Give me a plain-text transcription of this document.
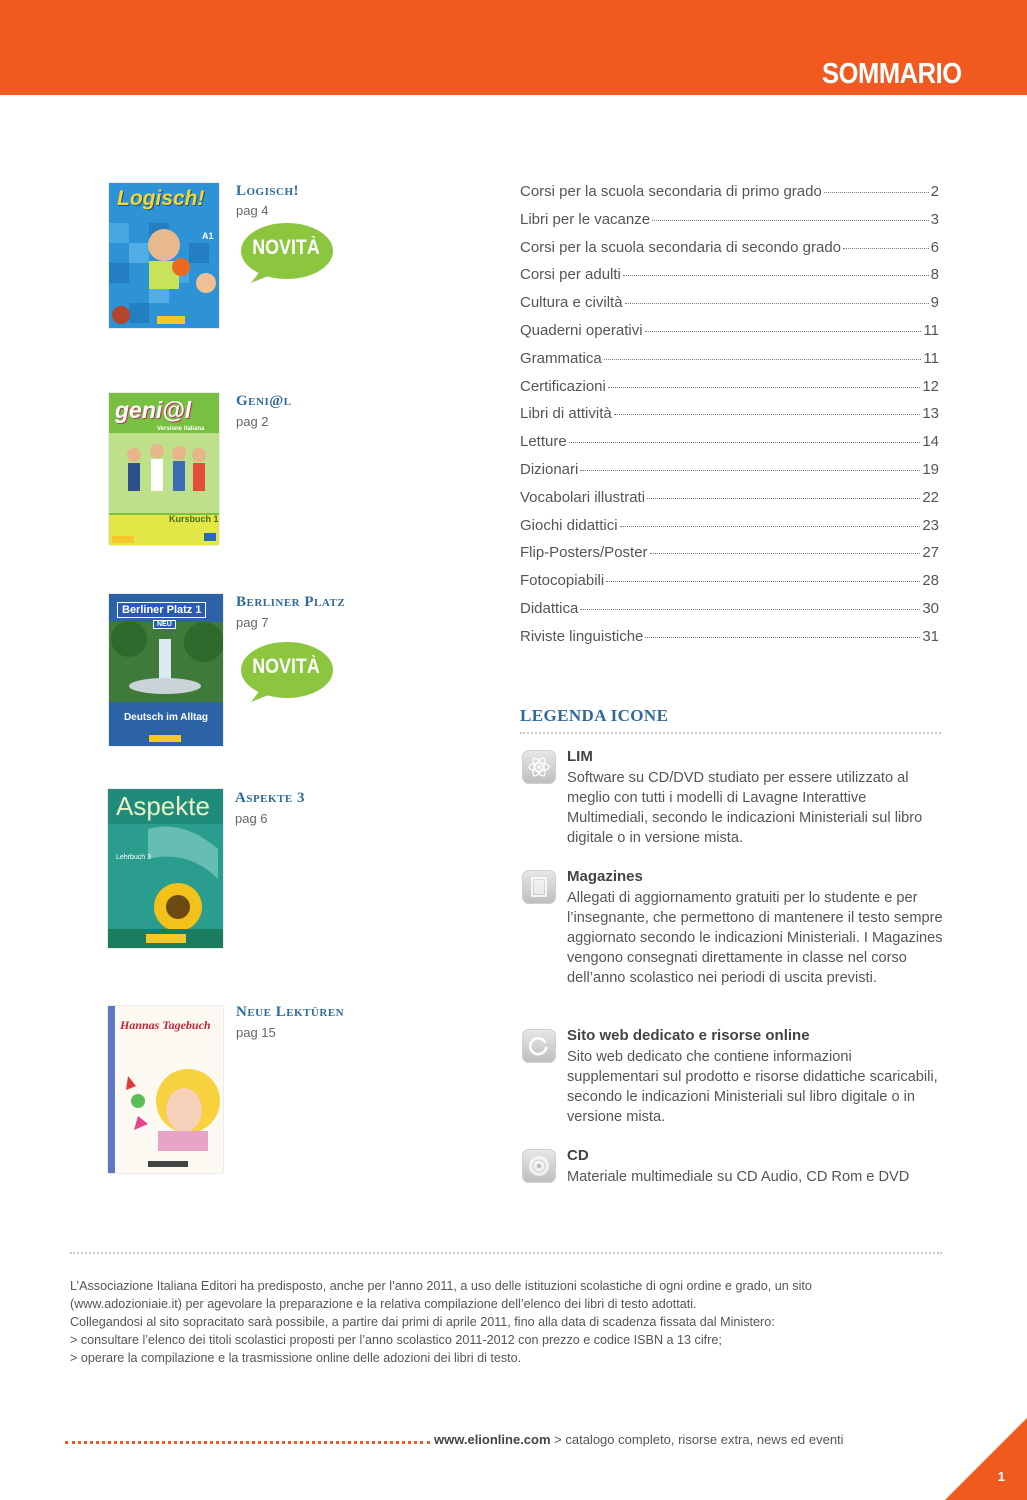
SOMMARIO
Logisch!
A1
Logisch!
pag 4
NOVITÀ
geni@l
Versione italiana
Kursbuch 1
Geni@l
pag 2
Berliner Platz 1
NEU
Deutsch im Alltag
Berliner Platz
pag 7
NOVITÀ
Aspekte
Lehrbuch 3
Aspekte 3
pag 6
Hannas Tagebuch
Neue Lektüren
pag 15
Corsi per la scuola secondaria di primo grado	2
Libri per le vacanze	3
Corsi per la scuola secondaria di secondo grado	6
Corsi per adulti	8
Cultura e civiltà	9
Quaderni operativi	11
Grammatica	11
Certificazioni	12
Libri di attività	13
Letture	14
Dizionari	19
Vocabolari illustrati	22
Giochi didattici	23
Flip-Posters/Poster	27
Fotocopiabili	28
Didattica	30
Riviste linguistiche	31
LEGENDA ICONE
LIM
Software su CD/DVD studiato per essere utilizzato al meglio con tutti i modelli di Lavagne Interattive Multimediali, secondo le indicazioni Ministeriali sul libro digitale o in versione mista.
Magazines
Allegati di aggiornamento gratuiti per lo studente e per l’insegnante, che permettono di mantenere il testo sempre aggiornato secondo le indicazioni Ministeriali. I Magazines vengono consegnati direttamente in classe nel corso dell’anno scolastico nei periodi di uscita previsti.
Sito web dedicato e risorse online
Sito web dedicato che contiene informazioni supplementari sul prodotto e risorse didattiche scaricabili, secondo le indicazioni Ministeriali sul libro digitale o in versione mista.
CD
Materiale multimediale su CD Audio, CD Rom e DVD
L’Associazione Italiana Editori ha predisposto, anche per l’anno 2011, a uso delle istituzioni scolastiche di ogni ordine e grado, un sito
(www.adozioniaie.it) per agevolare la preparazione e la relativa compilazione dell’elenco dei libri di testo adottati.
Collegandosi al sito sopracitato sarà possibile, a partire dai primi di aprile 2011, fino alla data di scadenza fissata dal Ministero:
> consultare l’elenco dei titoli scolastici proposti per l’anno scolastico 2011-2012 con prezzo e codice ISBN a 13 cifre;
> operare la compilazione e la trasmissione online delle adozioni dei libri di testo.
www.elionline.com > catalogo completo, risorse extra, news ed eventi
1
